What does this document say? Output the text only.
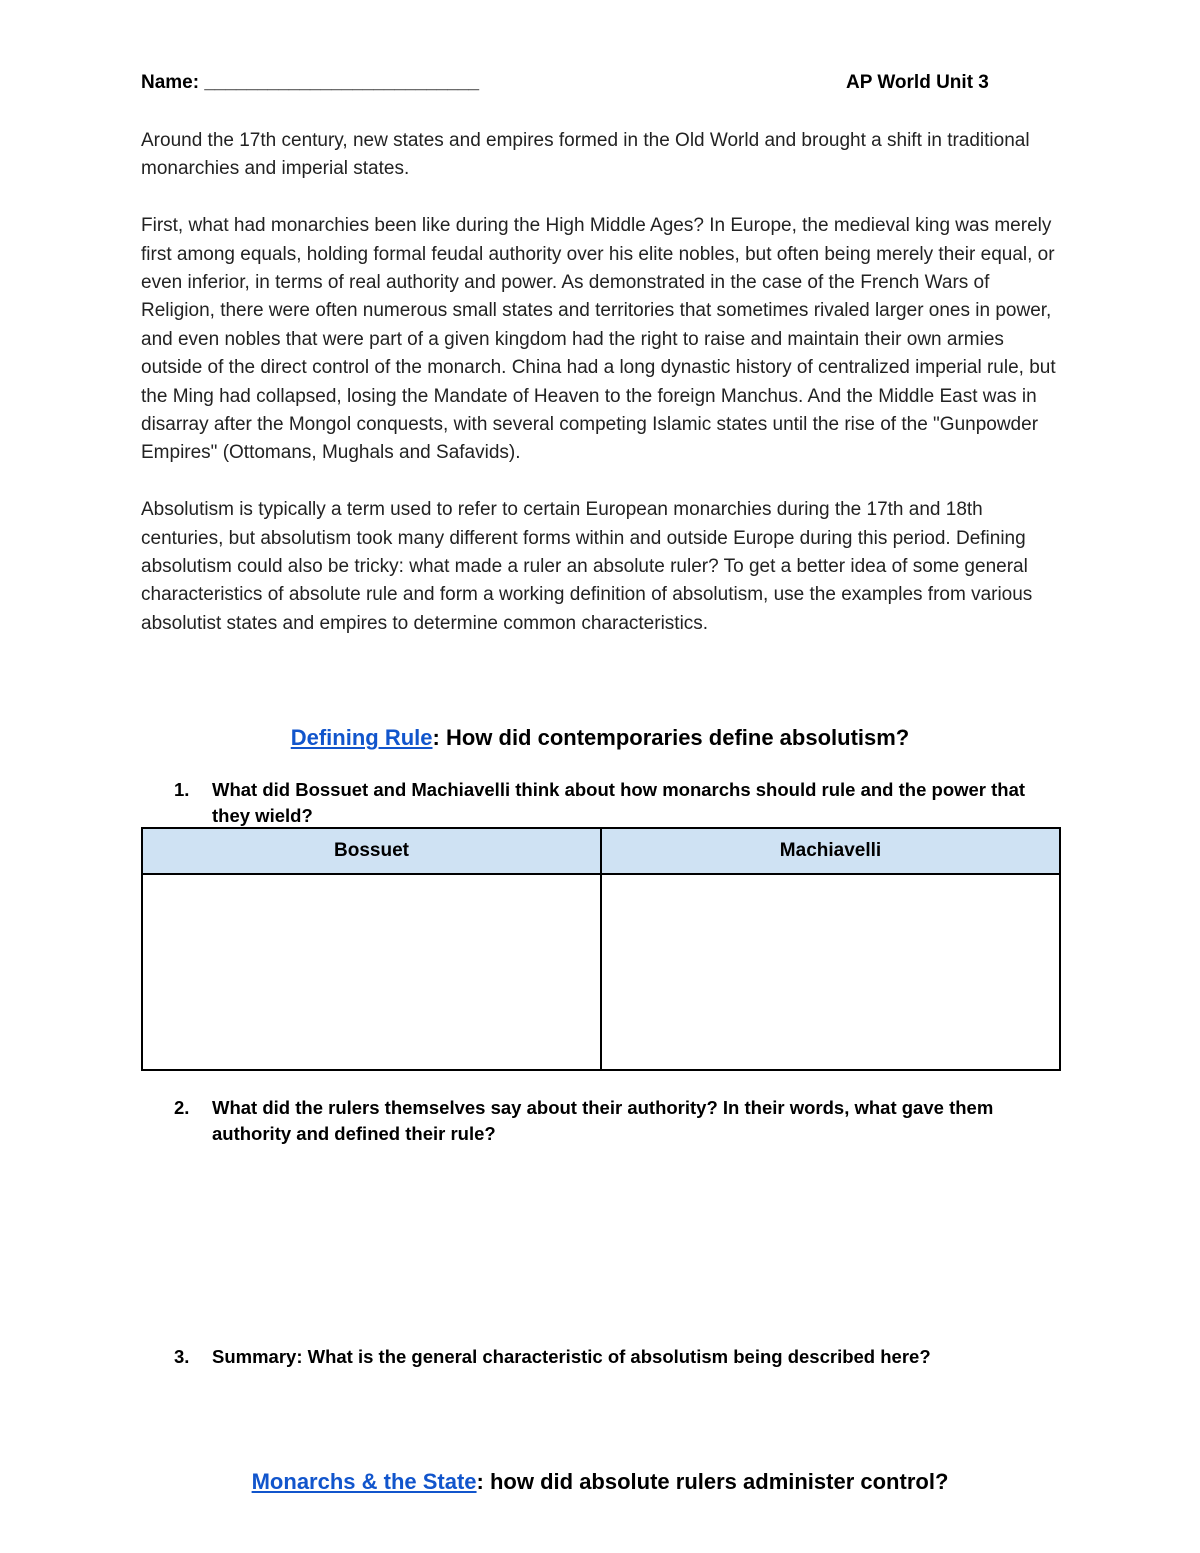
Name: __________________________	AP World Unit 3

Around the 17th century, new states and empires formed in the Old World and brought a shift in traditional monarchies and imperial states.

First, what had monarchies been like during the High Middle Ages? In Europe, the medieval king was merely first among equals, holding formal feudal authority over his elite nobles, but often being merely their equal, or even inferior, in terms of real authority and power. As demonstrated in the case of the French Wars of Religion, there were often numerous small states and territories that sometimes rivaled larger ones in power, and even nobles that were part of a given kingdom had the right to raise and maintain their own armies outside of the direct control of the monarch. China had a long dynastic history of centralized imperial rule, but the Ming had collapsed, losing the Mandate of Heaven to the foreign Manchus. And the Middle East was in disarray after the Mongol conquests, with several competing Islamic states until the rise of the "Gunpowder Empires" (Ottomans, Mughals and Safavids).

Absolutism is typically a term used to refer to certain European monarchies during the 17th and 18th centuries, but absolutism took many different forms within and outside Europe during this period. Defining absolutism could also be tricky: what made a ruler an absolute ruler? To get a better idea of some general characteristics of absolute rule and form a working definition of absolutism, use the examples from various absolutist states and empires to determine common characteristics.

Defining Rule: How did contemporaries define absolutism?
1. What did Bossuet and Machiavelli think about how monarchs should rule and the power that they wield?
Bossuet	Machiavelli

2. What did the rulers themselves say about their authority? In their words, what gave them authority and defined their rule?
3. Summary: What is the general characteristic of absolutism being described here?
Monarchs & the State: how did absolute rulers administer control?
